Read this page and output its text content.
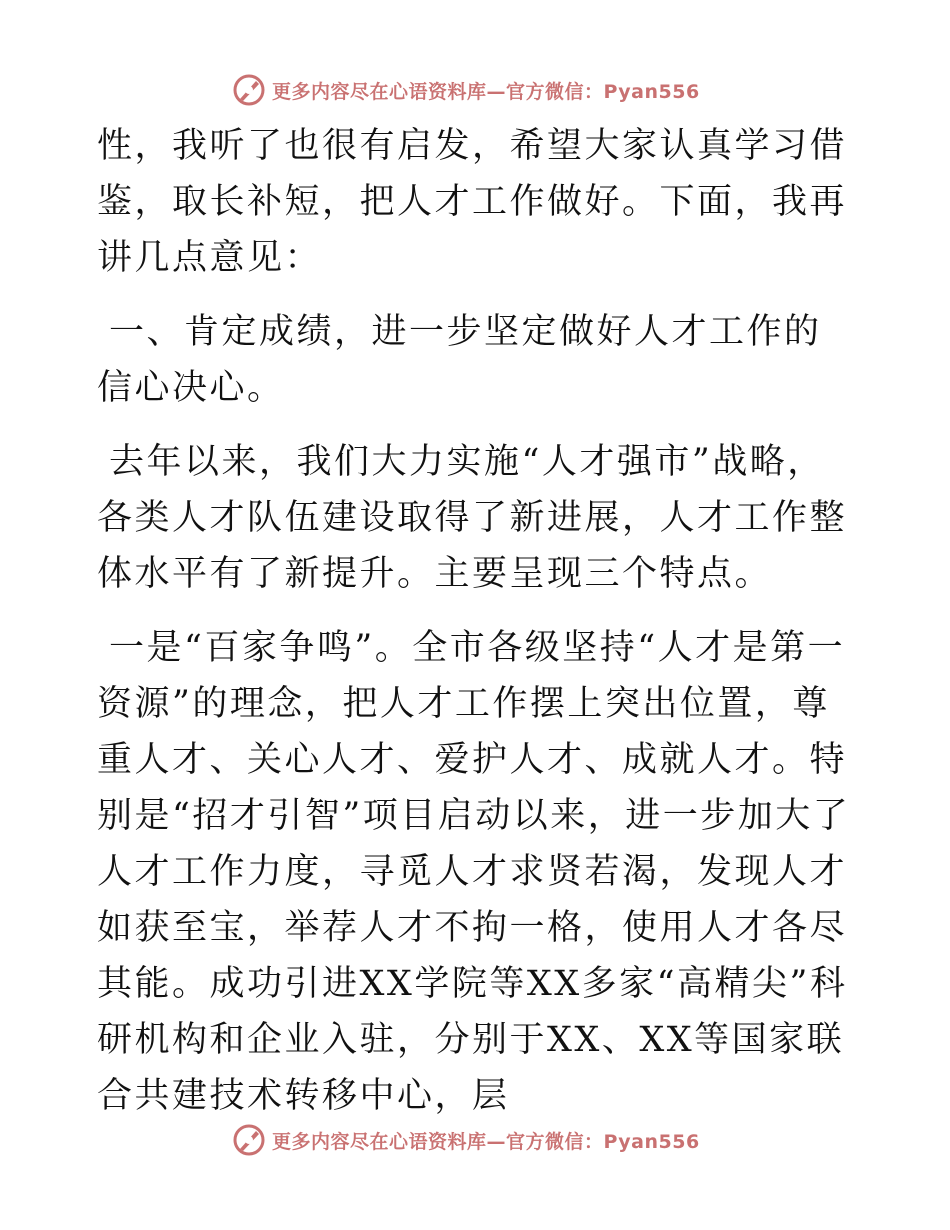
更多内容尽在心语资料库—官方微信：Pyan556

性，我听了也很有启发，希望大家认真学习借鉴，取长补短，把人才工作做好。下面，我再讲几点意见：

一、肯定成绩，进一步坚定做好人才工作的信心决心。

去年以来，我们大力实施“人才强市”战略，各类人才队伍建设取得了新进展，人才工作整体水平有了新提升。主要呈现三个特点。

一是“百家争鸣”。全市各级坚持“人才是第一资源”的理念，把人才工作摆上突出位置，尊重人才、关心人才、爱护人才、成就人才。特别是“招才引智”项目启动以来，进一步加大了人才工作力度，寻觅人才求贤若渴，发现人才如获至宝，举荐人才不拘一格，使用人才各尽其能。成功引进XX学院等XX多家“高精尖”科研机构和企业入驻，分别于XX、XX等国家联合共建技术转移中心，层

更多内容尽在心语资料库—官方微信：Pyan556
